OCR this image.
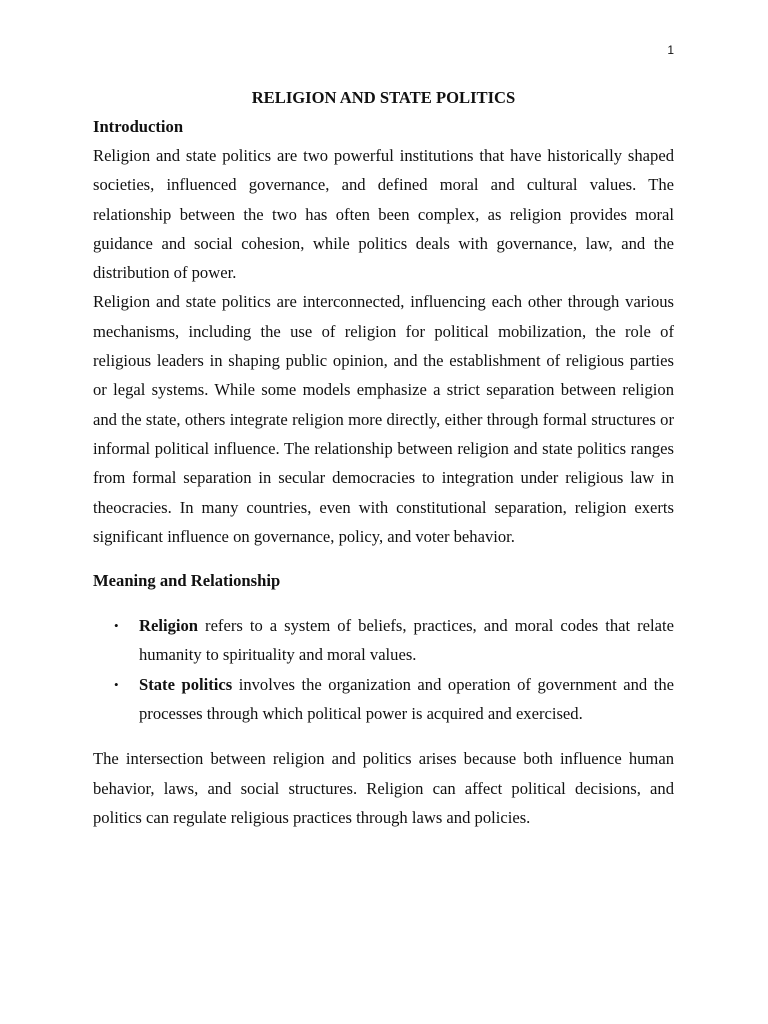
1
RELIGION AND STATE POLITICS
Introduction

Religion and state politics are two powerful institutions that have historically shaped societies, influenced governance, and defined moral and cultural values. The relationship between the two has often been complex, as religion provides moral guidance and social cohesion, while politics deals with governance, law, and the distribution of power.

Religion and state politics are interconnected, influencing each other through various mechanisms, including the use of religion for political mobilization, the role of religious leaders in shaping public opinion, and the establishment of religious parties or legal systems. While some models emphasize a strict separation between religion and the state, others integrate religion more directly, either through formal structures or informal political influence. The relationship between religion and state politics ranges from formal separation in secular democracies to integration under religious law in theocracies. In many countries, even with constitutional separation, religion exerts significant influence on governance, policy, and voter behavior.

Meaning and Relationship
• Religion refers to a system of beliefs, practices, and moral codes that relate humanity to spirituality and moral values.
• State politics involves the organization and operation of government and the processes through which political power is acquired and exercised.

The intersection between religion and politics arises because both influence human behavior, laws, and social structures. Religion can affect political decisions, and politics can regulate religious practices through laws and policies.
